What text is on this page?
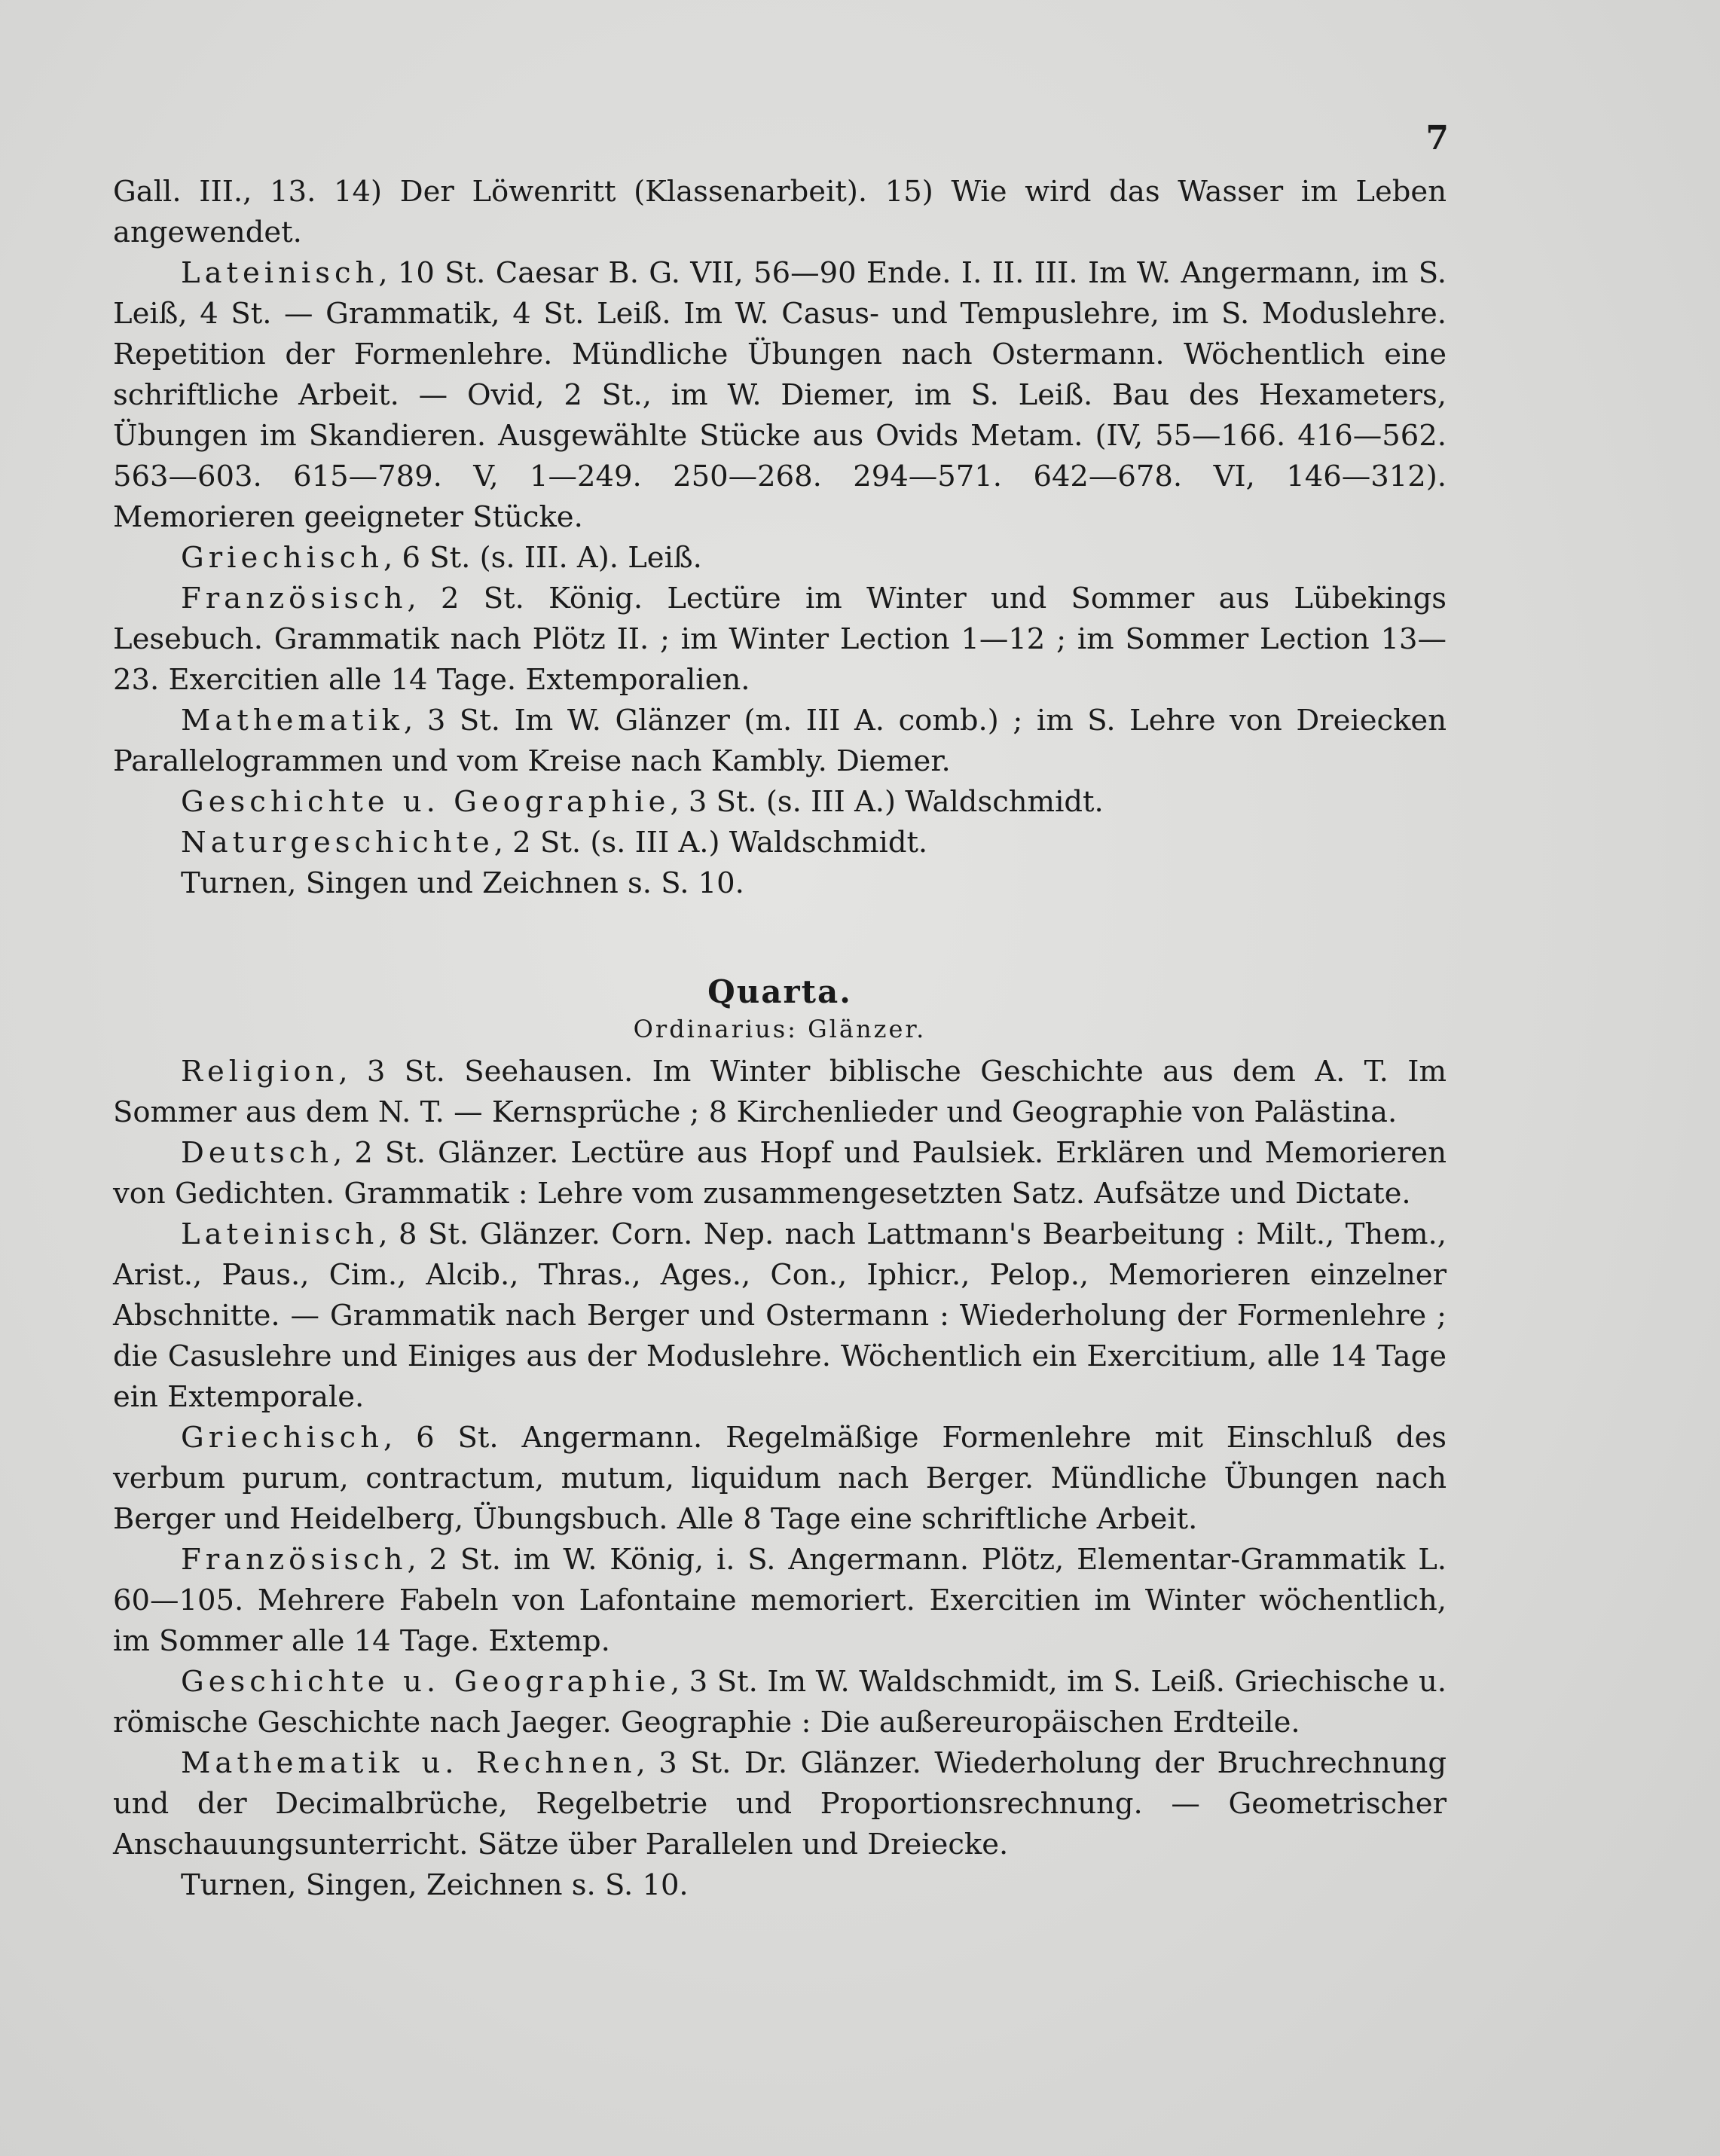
7

Gall. III., 13. 14) Der Löwenritt (Klassenarbeit). 15) Wie wird das Wasser im Leben angewendet.

Lateinisch, 10 St. Caesar B. G. VII, 56—90 Ende. I. II. III. Im W. Angermann, im S. Leiß, 4 St. — Grammatik, 4 St. Leiß. Im W. Casus- und Tempuslehre, im S. Moduslehre. Repetition der Formenlehre. Mündliche Übungen nach Ostermann. Wöchentlich eine schriftliche Arbeit. — Ovid, 2 St., im W. Diemer, im S. Leiß. Bau des Hexameters, Übungen im Skandieren. Ausgewählte Stücke aus Ovids Metam. (IV, 55—166. 416—562. 563—603. 615—789. V, 1—249. 250—268. 294—571. 642—678. VI, 146—312). Memorieren geeigneter Stücke.

Griechisch, 6 St. (s. III. A). Leiß.

Französisch, 2 St. König. Lectüre im Winter und Sommer aus Lübekings Lesebuch. Grammatik nach Plötz II. ; im Winter Lection 1—12 ; im Sommer Lection 13—23. Exercitien alle 14 Tage. Extemporalien.

Mathematik, 3 St. Im W. Glänzer (m. III A. comb.) ; im S. Lehre von Dreiecken Parallelogrammen und vom Kreise nach Kambly. Diemer.

Geschichte u. Geographie, 3 St. (s. III A.) Waldschmidt.

Naturgeschichte, 2 St. (s. III A.) Waldschmidt.

Turnen, Singen und Zeichnen s. S. 10.

Quarta.
Ordinarius: Glänzer.

Religion, 3 St. Seehausen. Im Winter biblische Geschichte aus dem A. T. Im Sommer aus dem N. T. — Kernsprüche ; 8 Kirchenlieder und Geographie von Palästina.

Deutsch, 2 St. Glänzer. Lectüre aus Hopf und Paulsiek. Erklären und Memorieren von Gedichten. Grammatik : Lehre vom zusammengesetzten Satz. Aufsätze und Dictate.

Lateinisch, 8 St. Glänzer. Corn. Nep. nach Lattmann's Bearbeitung : Milt., Them., Arist., Paus., Cim., Alcib., Thras., Ages., Con., Iphicr., Pelop., Memorieren einzelner Abschnitte. — Grammatik nach Berger und Ostermann : Wiederholung der Formenlehre ; die Casuslehre und Einiges aus der Moduslehre. Wöchentlich ein Exercitium, alle 14 Tage ein Extemporale.

Griechisch, 6 St. Angermann. Regelmäßige Formenlehre mit Einschluß des verbum purum, contractum, mutum, liquidum nach Berger. Mündliche Übungen nach Berger und Heidelberg, Übungsbuch. Alle 8 Tage eine schriftliche Arbeit.

Französisch, 2 St. im W. König, i. S. Angermann. Plötz, Elementar-Grammatik L. 60—105. Mehrere Fabeln von Lafontaine memoriert. Exercitien im Winter wöchentlich, im Sommer alle 14 Tage. Extemp.

Geschichte u. Geographie, 3 St. Im W. Waldschmidt, im S. Leiß. Griechische u. römische Geschichte nach Jaeger. Geographie : Die außereuropäischen Erdteile.

Mathematik u. Rechnen, 3 St. Dr. Glänzer. Wiederholung der Bruchrechnung und der Decimalbrüche, Regelbetrie und Proportionsrechnung. — Geometrischer Anschauungsunterricht. Sätze über Parallelen und Dreiecke.

Turnen, Singen, Zeichnen s. S. 10.
